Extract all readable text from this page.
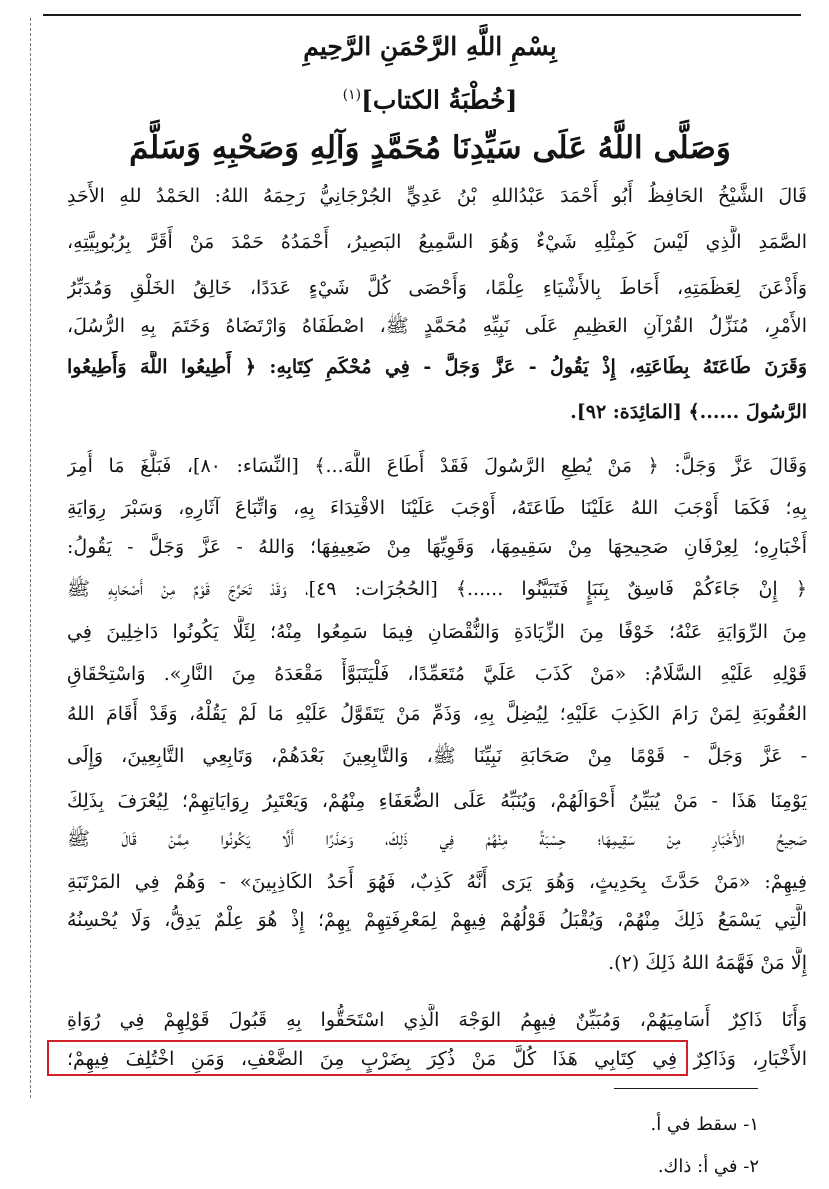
بِسْمِ اللَّهِ الرَّحْمَنِ الرَّحِيمِ
[خُطْبَةُ الكتاب]$^{(١)}$
وَصَلَّى اللَّهُ عَلَى سَيِّدِنَا مُحَمَّدٍ وَآلِهِ وَصَحْبِهِ وَسَلَّمَ
قَالَ الشَّيْخُ الحَافِظُ أَبُو أَحْمَدَ عَبْدُاللهِ بْنُ عَدِيٍّ الجُرْجَانِيُّ رَحِمَهُ اللهُ: الحَمْدُ للهِ الأَحَدِ
الصَّمَدِ الَّذِي لَيْسَ كَمِثْلِهِ شَيْءٌ وَهُوَ السَّمِيعُ البَصِيرُ، أَحْمَدُهُ حَمْدَ مَنْ أَقَرَّ بِرُبُوبِيَّتِهِ،
وَأَذْعَنَ لِعَظَمَتِهِ، أَحَاطَ بِالأَشْيَاءِ عِلْمًا، وَأَحْصَى كُلَّ شَيْءٍ عَدَدًا، خَالِقُ الخَلْقِ وَمُدَبِّرُ
الأَمْرِ، مُنَزِّلُ القُرْآنِ العَظِيمِ عَلَى نَبِيِّهِ مُحَمَّدٍ ﷺ، اصْطَفَاهُ وَارْتَضَاهُ وَخَتَمَ بِهِ الرُّسُلَ،
وَقَرَنَ طَاعَتَهُ بِطَاعَتِهِ، إِذْ يَقُولُ - عَزَّ وَجَلَّ - فِي مُحْكَمِ كِتَابِهِ: ﴿ أَطِيعُوا اللَّهَ وَأَطِيعُوا
الرَّسُولَ ......﴾ [المَائِدَة: ٩٢].
وَقَالَ عَزَّ وَجَلَّ: ﴿ مَنْ يُطِعِ الرَّسُولَ فَقَدْ أَطَاعَ اللَّهَ...﴾ [النِّسَاء: ٨٠]، فَبَلَّغَ مَا أُمِرَ
بِهِ؛ فَكَمَا أَوْجَبَ اللهُ عَلَيْنَا طَاعَتَهُ، أَوْجَبَ عَلَيْنَا الاقْتِدَاءَ بِهِ، وَاتِّبَاعَ آثَارِهِ، وَسَبْرَ رِوَايَةِ
أَخْبَارِهِ؛ لِعِرْفَانِ صَحِيحِهَا مِنْ سَقِيمِهَا، وَقَوِيِّهَا مِنْ ضَعِيفِهَا؛ وَاللهُ - عَزَّ وَجَلَّ - يَقُولُ:
﴿ إِنْ جَاءَكُمْ فَاسِقٌ بِنَبَإٍ فَتَبَيَّنُوا ......﴾ [الحُجُرَات: ٤٩]، وَقَدْ تَحَرَّجَ قَوْمٌ مِنْ أَصْحَابِهِ ﷺ
مِنَ الرِّوَايَةِ عَنْهُ؛ خَوْفًا مِنَ الزِّيَادَةِ وَالنُّقْصَانِ فِيمَا سَمِعُوا مِنْهُ؛ لِئَلَّا يَكُونُوا دَاخِلِينَ فِي
قَوْلِهِ عَلَيْهِ السَّلَامُ: «مَنْ كَذَبَ عَلَيَّ مُتَعَمِّدًا، فَلْيَتَبَوَّأْ مَقْعَدَهُ مِنَ النَّارِ». وَاسْتِحْقَاقِ
العُقُوبَةِ لِمَنْ رَامَ الكَذِبَ عَلَيْهِ؛ لِيُضِلَّ بِهِ، وَذَمِّ مَنْ يَتَقَوَّلُ عَلَيْهِ مَا لَمْ يَقُلْهُ، وَقَدْ أَقَامَ اللهُ
- عَزَّ وَجَلَّ - قَوْمًا مِنْ صَحَابَةِ نَبِيِّنَا ﷺ، وَالتَّابِعِينَ بَعْدَهُمْ، وَتَابِعِي التَّابِعِينَ، وَإِلَى
يَوْمِنَا هَذَا - مَنْ يُبَيِّنُ أَحْوَالَهُمْ، وَيُنَبِّهُ عَلَى الضُّعَفَاءِ مِنْهُمْ، وَيَعْتَبِرُ رِوَايَاتِهِمْ؛ لِيُعْرَفَ بِذَلِكَ
صَحِيحُ الأَخْبَارِ مِنْ سَقِيمِهَا؛ حِسْبَةً مِنْهُمْ فِي ذَلِكَ، وَحَذَرًا أَلَّا يَكُونُوا مِمَّنْ قَالَ ﷺ
فِيهِمْ: «مَنْ حَدَّثَ بِحَدِيثٍ، وَهُوَ يَرَى أَنَّهُ كَذِبٌ، فَهُوَ أَحَدُ الكَاذِبِينَ» - وَهُمْ فِي المَرْتَبَةِ
الَّتِي يَسْمَعُ ذَلِكَ مِنْهُمْ، وَيُقْبَلُ قَوْلُهُمْ فِيهِمْ لِمَعْرِفَتِهِمْ بِهِمْ؛ إِذْ هُوَ عِلْمٌ يَدِقُّ، وَلَا يُحْسِنُهُ
إِلَّا مَنْ فَهَّمَهُ اللهُ ذَلِكَ (٢).
وَأَنَا ذَاكِرٌ أَسَامِيَهُمْ، وَمُبَيِّنٌ فِيهِمُ الوَجْهَ الَّذِي اسْتَحَقُّوا بِهِ قَبُولَ قَوْلِهِمْ فِي رُوَاةِ
الأَخْبَارِ، وَذَاكِرٌ فِي كِتَابِي هَذَا كُلَّ مَنْ ذُكِرَ بِضَرْبٍ مِنَ الضَّعْفِ، وَمَنِ اخْتُلِفَ فِيهِمْ؛
١- سقط في أ.
٢- في أ: ذاك.
